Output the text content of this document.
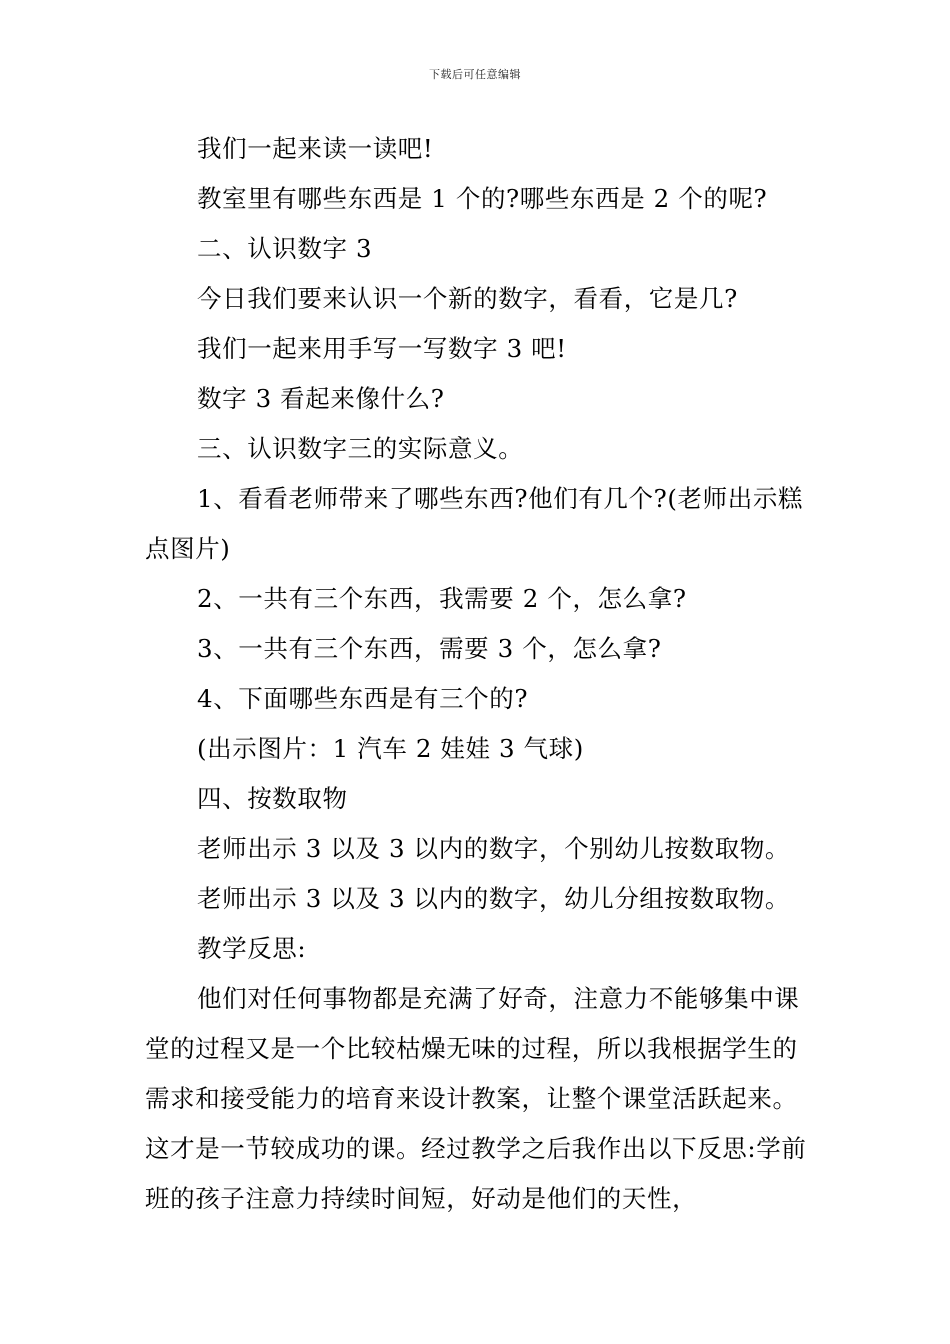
下载后可任意编辑

我们一起来读一读吧!

教室里有哪些东西是 1 个的?哪些东西是 2 个的呢?

二、认识数字 3

今日我们要来认识一个新的数字，看看，它是几?

我们一起来用手写一写数字 3 吧!

数字 3 看起来像什么?

三、认识数字三的实际意义。

1、看看老师带来了哪些东西?他们有几个?(老师出示糕点图片)

2、一共有三个东西，我需要 2 个，怎么拿?

3、一共有三个东西，需要 3 个，怎么拿?

4、下面哪些东西是有三个的?

(出示图片：1 汽车 2 娃娃 3 气球)

四、按数取物

老师出示 3 以及 3 以内的数字，个别幼儿按数取物。

老师出示 3 以及 3 以内的数字，幼儿分组按数取物。

教学反思:

他们对任何事物都是充满了好奇，注意力不能够集中课堂的过程又是一个比较枯燥无味的过程，所以我根据学生的需求和接受能力的培育来设计教案，让整个课堂活跃起来。这才是一节较成功的课。经过教学之后我作出以下反思:学前班的孩子注意力持续时间短，好动是他们的天性，
